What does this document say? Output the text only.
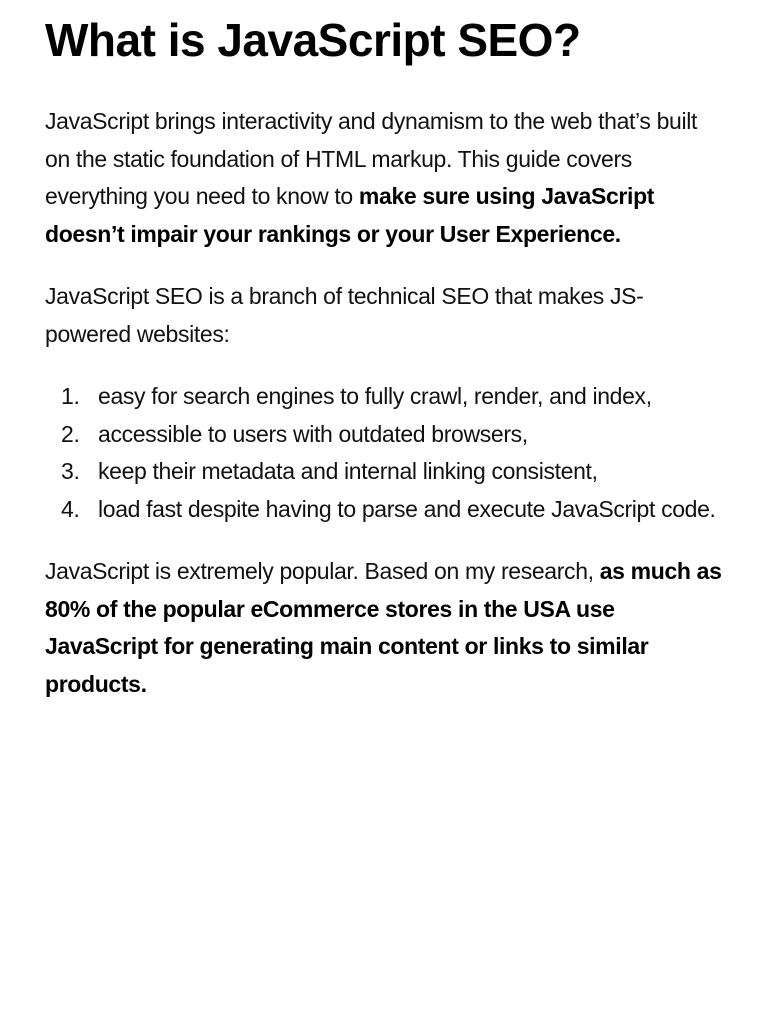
What is JavaScript SEO?

JavaScript brings interactivity and dynamism to the web that’s built on the static foundation of HTML markup. This guide covers everything you need to know to make sure using JavaScript doesn’t impair your rankings or your User Experience.

JavaScript SEO is a branch of technical SEO that makes JS-powered websites:

1. easy for search engines to fully crawl, render, and index,
2. accessible to users with outdated browsers,
3. keep their metadata and internal linking consistent,
4. load fast despite having to parse and execute JavaScript code.

JavaScript is extremely popular. Based on my research, as much as 80% of the popular eCommerce stores in the USA use JavaScript for generating main content or links to similar products.
